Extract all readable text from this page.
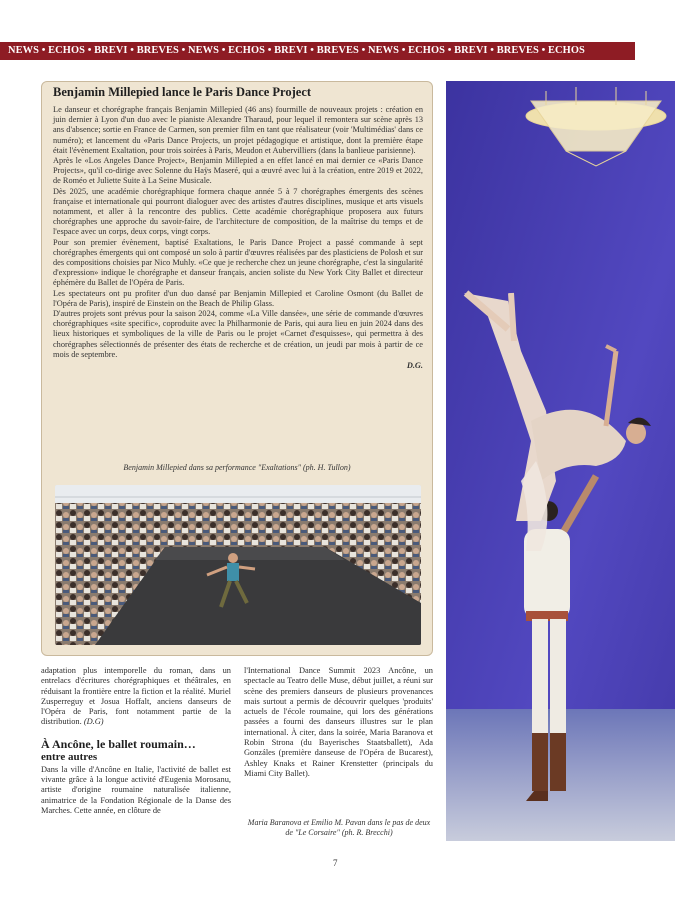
NEWS • ECHOS • BREVI • BREVES • NEWS • ECHOS • BREVI • BREVES • NEWS • ECHOS • BREVI • BREVES • ECHOS
Benjamin Millepied lance le Paris Dance Project

Le danseur et chorégraphe français Benjamin Millepied (46 ans) fourmille de nouveaux projets : création en juin dernier à Lyon d'un duo avec le pianiste Alexandre Tharaud, pour lequel il remontera sur scène après 13 ans d'absence; sortie en France de Carmen, son premier film en tant que réalisateur (voir 'Multimédias' dans ce numéro); et lancement du «Paris Dance Projects, un projet pédagogique et artistique, dont la première étape était l'évènement Exaltation, pour trois soirées à Paris, Meudon et Aubervilliers (dans la banlieue parisienne).

Après le «Los Angeles Dance Project», Benjamin Millepied a en effet lancé en mai dernier ce «Paris Dance Projects», qu'il co-dirige avec Solenne du Haÿs Maseré, qui a œuvré avec lui à la création, entre 2019 et 2022, de Roméo et Juliette Suite à La Seine Musicale.

Dès 2025, une académie chorégraphique formera chaque année 5 à 7 chorégraphes émergents des scènes française et internationale qui pourront dialoguer avec des artistes d'autres disciplines, musique et arts visuels notamment, et aller à la rencontre des publics. Cette académie chorégraphique proposera aux futurs chorégraphes une approche du savoir-faire, de l'architecture de composition, de la maîtrise du temps et de l'espace avec un corps, deux corps, vingt corps.

Pour son premier évènement, baptisé Exaltations, le Paris Dance Project a passé commande à sept chorégraphes émergents qui ont composé un solo à partir d'œuvres réalisées par des plasticiens de Polosh et sur des compositions choisies par Nico Muhly. «Ce que je recherche chez un jeune chorégraphe, c'est la singularité d'expression» indique le chorégraphe et danseur français, ancien soliste du New York City Ballet et directeur éphémère du Ballet de l'Opéra de Paris.

Les spectateurs ont pu profiter d'un duo dansé par Benjamin Millepied et Caroline Osmont (du Ballet de l'Opéra de Paris), inspiré de Einstein on the Beach de Philip Glass.

D'autres projets sont prévus pour la saison 2024, comme «La Ville dansée», une série de commande d'œuvres chorégraphiques «site specific», coproduite avec la Philharmonie de Paris, qui aura lieu en juin 2024 dans des lieux historiques et symboliques de la ville de Paris ou le projet «Carnet d'esquisses», qui permettra à des chorégraphes sélectionnés de présenter des états de recherche et de création, un jeudi par mois à partir de ce mois de septembre.

D.G.
Benjamin Millepied dans sa performance "Exaltations" (ph. H. Tullon)

adaptation plus intemporelle du roman, dans un entrelacs d'écritures chorégraphiques et théâtrales, en réduisant la frontière entre la fiction et la réalité. Muriel Zusperreguy et Josua Hoffalt, anciens danseurs de l'Opéra de Paris, font notamment partie de la distribution. (D.G)

À Ancône, le ballet roumain…
entre autres

Dans la ville d'Ancône en Italie, l'activité de ballet est vivante grâce à la longue activité d'Eugenia Morosanu, artiste d'origine roumaine naturalisée italienne, animatrice de la Fondation Régionale de la Danse des Marches. Cette année, en clôture de

l'International Dance Summit 2023 Ancône, un spectacle au Teatro delle Muse, début juillet, a réuni sur scène des premiers danseurs de plusieurs provenances mais surtout a permis de découvrir quelques 'produits' actuels de l'école roumaine, qui lors des générations passées a fourni des danseurs illustres sur le plan international. À citer, dans la soirée, Maria Baranova et Robin Strona (du Bayerisches Staatsballett), Ada Gonzáles (première danseuse de l'Opéra de Bucarest), Ashley Knaks et Rainer Krenstetter (principals du Miami City Ballet).

Maria Baranova et Emilio M. Pavan dans le pas de deux de "Le Corsaire" (ph. R. Brecchi)
7
